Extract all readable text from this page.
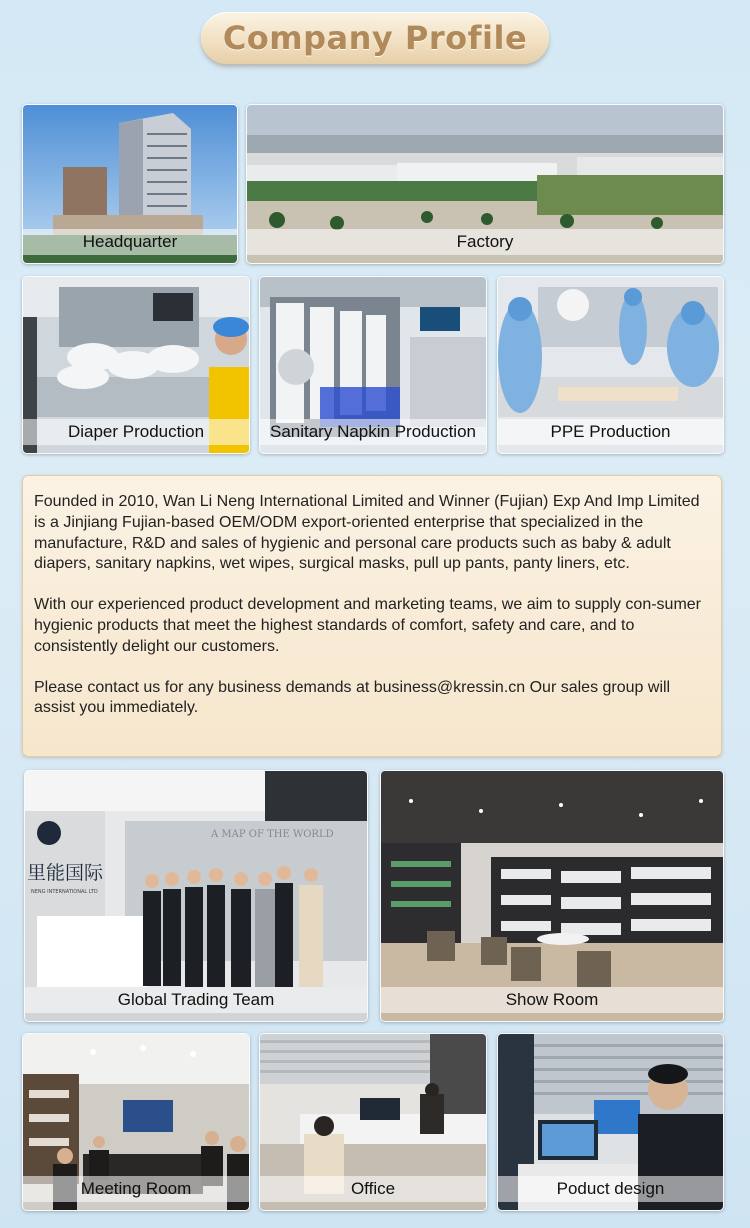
Company Profile
Headquarter	Factory
Diaper Production	Sanitary Napkin Production	PPE Production

Founded in 2010, Wan Li Neng International Limited and Winner (Fujian) Exp And Imp Limited is a Jinjiang Fujian-based OEM/ODM export-oriented enterprise that specialized in the manufacture, R&D and sales of hygienic and personal care products such as baby & adult diapers, sanitary napkins, wet wipes, surgical masks, pull up pants, panty liners, etc.

With our experienced product development and marketing teams, we aim to supply con-sumer hygienic products that meet the highest standards of comfort, safety and care, and to consistently delight our customers.

Please contact us for any business demands at business@kressin.cn Our sales group will assist you immediately.

里能国际
NENG INTERNATIONAL LTD
A MAP OF THE WORLD
Global Trading Team	Show Room
Meeting Room	Office	Poduct design
